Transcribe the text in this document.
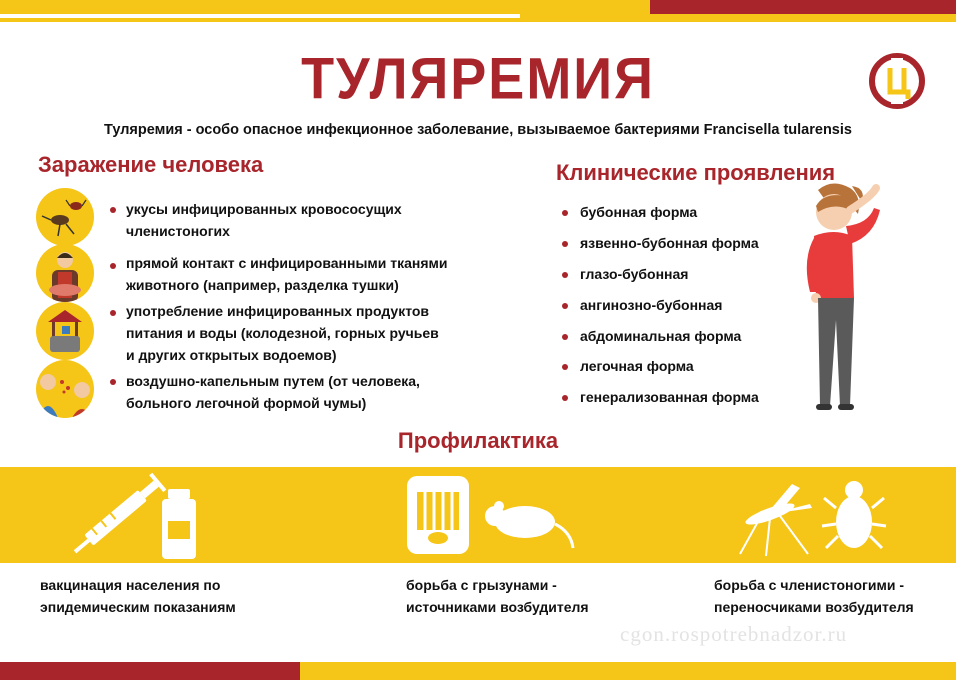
ТУЛЯРЕМИЯ
Туляремия - особо опасное инфекционное заболевание, вызываемое бактериями Francisella tularensis
Заражение человека
укусы инфицированных кровососущих
членистоногих
прямой контакт с инфицированными тканями
животного (например, разделка тушки)
употребление инфицированных продуктов
питания и воды (колодезной, горных ручьев
и других открытых водоемов)
воздушно-капельным путем (от человека,
больного легочной формой чумы)
Клинические проявления
бубонная форма
язвенно-бубонная форма
глазо-бубонная
ангинозно-бубонная
абдоминальная форма
легочная форма
генерализованная форма
Профилактика
вакцинация населения по
эпидемическим показаниям
борьба с грызунами -
источниками возбудителя
борьба с членистоногими -
переносчиками возбудителя
cgon.rospotrebnadzor.ru
